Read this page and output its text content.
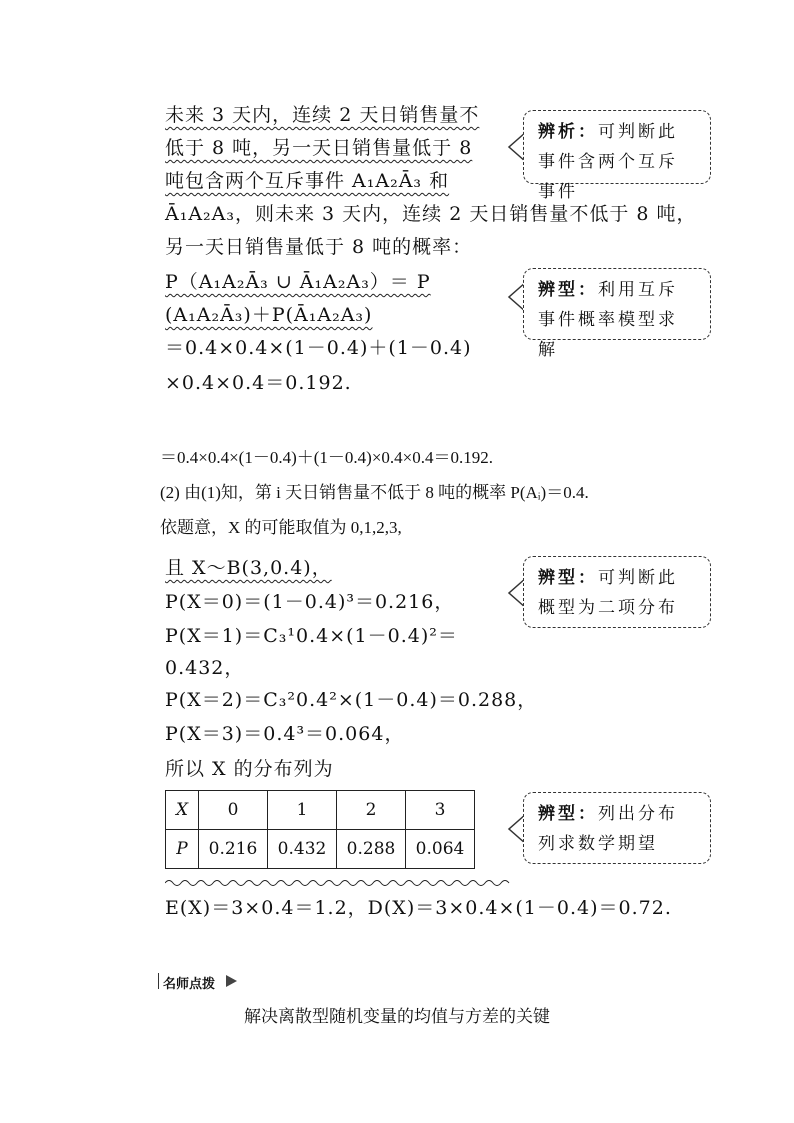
未来 3 天内，连续 2 天日销售量不
低于 8 吨，另一天日销售量低于 8
吨包含两个互斥事件 A₁A₂Ā₃ 和
Ā₁A₂A₃，则未来 3 天内，连续 2 天日销售量不低于 8 吨，
另一天日销售量低于 8 吨的概率：
P（A₁A₂Ā₃ ∪ Ā₁A₂A₃）＝ P
(A₁A₂Ā₃)＋P(Ā₁A₂A₃)
＝0.4×0.4×(1－0.4)＋(1－0.4)
×0.4×0.4＝0.192.
辨析：可判断此事件含两个互斥事件
辨型：利用互斥事件概率模型求解
＝0.4×0.4×(1－0.4)＋(1－0.4)×0.4×0.4＝0.192.
(2) 由(1)知，第 i 天日销售量不低于 8 吨的概率 P(Aᵢ)＝0.4.
依题意，X 的可能取值为 0,1,2,3,
且 X～B(3,0.4)，
P(X＝0)＝(1－0.4)³＝0.216，
P(X＝1)＝C₃¹0.4×(1－0.4)²＝
0.432，
P(X＝2)＝C₃²0.4²×(1－0.4)＝0.288，
P(X＝3)＝0.4³＝0.064，
所以 X 的分布列为
辨型：可判断此概型为二项分布
X	0	1	2	3
P	0.216	0.432	0.288	0.064
辨型：列出分布列求数学期望
E(X)＝3×0.4＝1.2，D(X)＝3×0.4×(1－0.4)＝0.72.
名师点拨
解决离散型随机变量的均值与方差的关键
